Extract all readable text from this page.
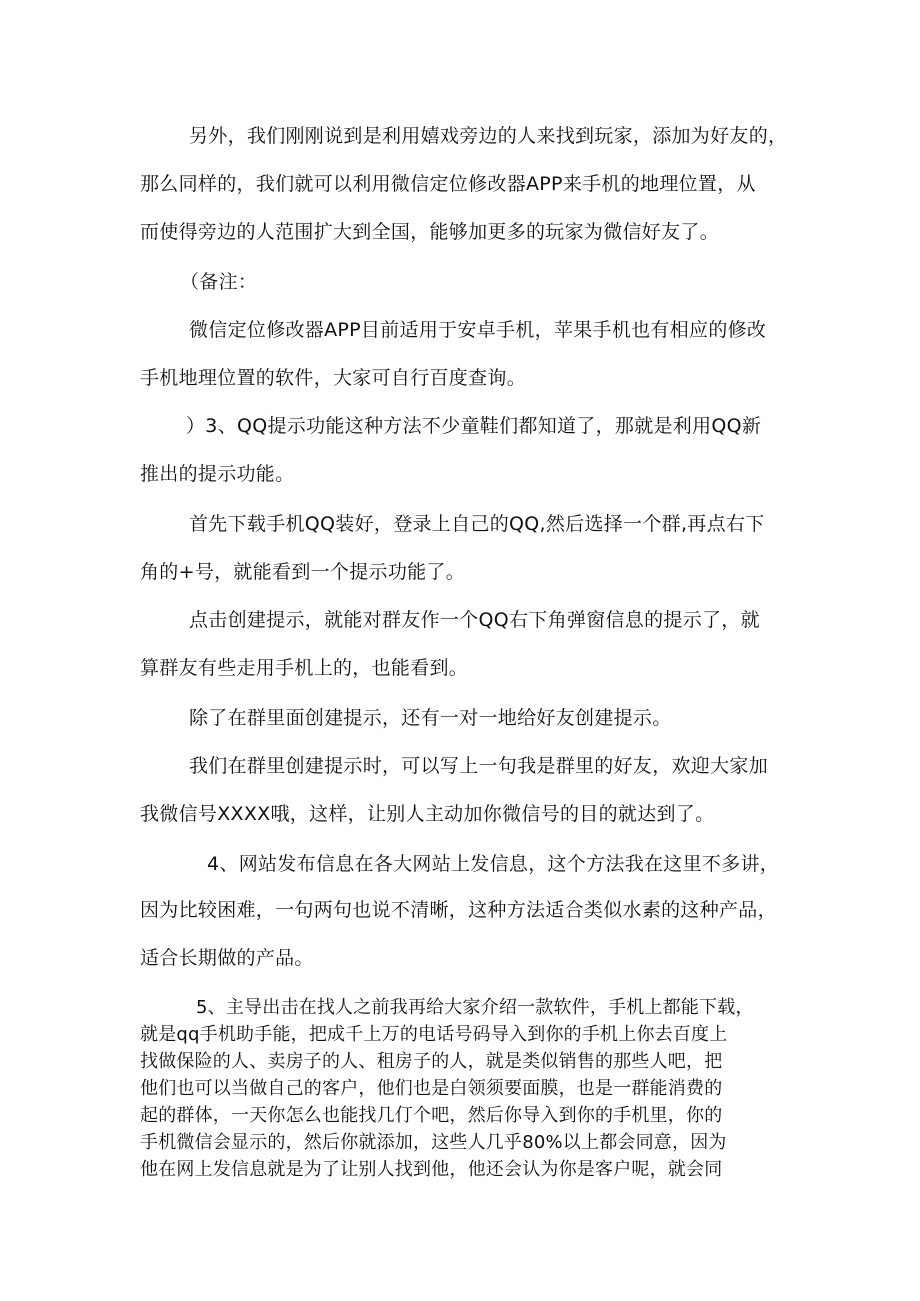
另外，我们刚刚说到是利用嬉戏旁边的人来找到玩家，添加为好友的，
那么同样的，我们就可以利用微信定位修改器APP来手机的地理位置，从
而使得旁边的人范围扩大到全国，能够加更多的玩家为微信好友了。
（备注：
微信定位修改器APP目前适用于安卓手机，苹果手机也有相应的修改
手机地理位置的软件，大家可自行百度查询。
）3、QQ提示功能这种方法不少童鞋们都知道了，那就是利用QQ新
推出的提示功能。
首先下载手机QQ装好，登录上自己的QQ,然后选择一个群,再点右下
角的+号，就能看到一个提示功能了。
点击创建提示，就能对群友作一个QQ右下角弹窗信息的提示了，就
算群友有些走用手机上的，也能看到。
除了在群里面创建提示，还有一对一地给好友创建提示。
我们在群里创建提示时，可以写上一句我是群里的好友，欢迎大家加
我微信号XXXX哦，这样，让别人主动加你微信号的目的就达到了。
4、网站发布信息在各大网站上发信息，这个方法我在这里不多讲，
因为比较困难，一句两句也说不清晰，这种方法适合类似水素的这种产品，
适合长期做的产品。
5、主导出击在找人之前我再给大家介绍一款软件，手机上都能下载，
就是qq手机助手能，把成千上万的电话号码导入到你的手机上你去百度上
找做保险的人、卖房子的人、租房子的人，就是类似销售的那些人吧，把
他们也可以当做自己的客户，他们也是白领须要面膜，也是一群能消费的
起的群体，一天你怎么也能找几仃个吧，然后你导入到你的手机里，你的
手机微信会显示的，然后你就添加，这些人几乎80%以上都会同意，因为
他在网上发信息就是为了让别人找到他，他还会认为你是客户呢，就会同
